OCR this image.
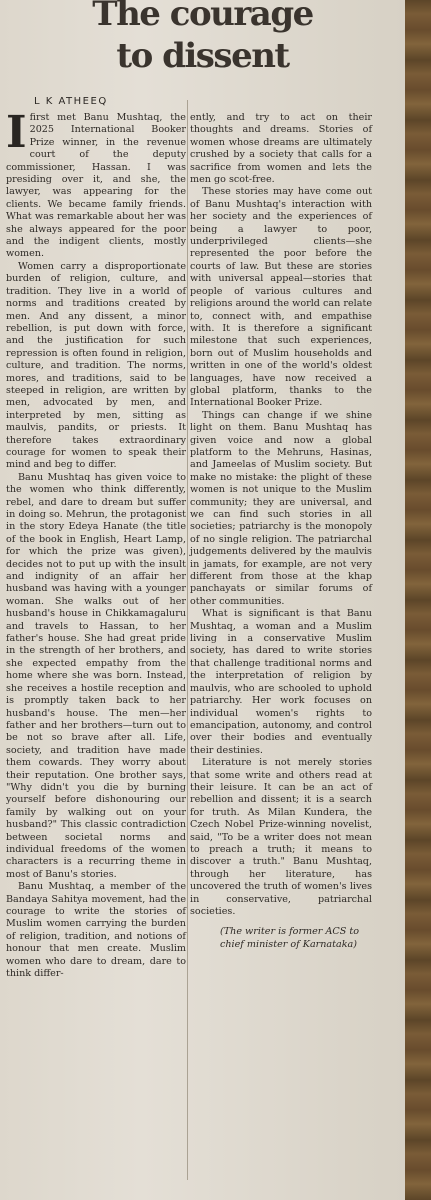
The courage
to dissent
L K ATHEEQ

Ifirst met Banu Mushtaq, the 2025 International Booker Prize winner, in the revenue court of the deputy commissioner, Hassan. I was presiding over it, and she, the lawyer, was appearing for the clients. We became family friends. What was remarkable about her was she always appeared for the poor and the indigent clients, mostly women.

Women carry a disproportionate burden of religion, culture, and tradition. They live in a world of norms and traditions created by men. And any dissent, a minor rebellion, is put down with force, and the justification for such repression is often found in religion, culture, and tradition. The norms, mores, and traditions, said to be steeped in religion, are written by men, advocated by men, and interpreted by men, sitting as maulvis, pandits, or priests. It therefore takes extraordinary courage for women to speak their mind and beg to differ.

Banu Mushtaq has given voice to the women who think differently, rebel, and dare to dream but suffer in doing so. Mehrun, the protagonist in the story Edeya Hanate (the title of the book in English, Heart Lamp, for which the prize was given), decides not to put up with the insult and indignity of an affair her husband was having with a younger woman. She walks out of her husband's house in Chikkamagaluru and travels to Hassan, to her father's house. She had great pride in the strength of her brothers, and she expected empathy from the home where she was born. Instead, she receives a hostile reception and is promptly taken back to her husband's house. The men—her father and her brothers—turn out to be not so brave after all. Life, society, and tradition have made them cowards. They worry about their reputation. One brother says, "Why didn't you die by burning yourself before dishonouring our family by walking out on your husband?" This classic contradiction between societal norms and individual freedoms of the women characters is a recurring theme in most of Banu's stories.

Banu Mushtaq, a member of the Bandaya Sahitya movement, had the courage to write the stories of Muslim women carrying the burden of religion, tradition, and notions of honour that men create. Muslim women who dare to dream, dare to think differ-

ently, and try to act on their thoughts and dreams. Stories of women whose dreams are ultimately crushed by a society that calls for a sacrifice from women and lets the men go scot-free.

These stories may have come out of Banu Mushtaq's interaction with her society and the experiences of being a lawyer to poor, underprivileged clients—she represented the poor before the courts of law. But these are stories with universal appeal—stories that people of various cultures and religions around the world can relate to, connect with, and empathise with. It is therefore a significant milestone that such experiences, born out of Muslim households and written in one of the world's oldest languages, have now received a global platform, thanks to the International Booker Prize.

Things can change if we shine light on them. Banu Mushtaq has given voice and now a global platform to the Mehruns, Hasinas, and Jameelas of Muslim society. But make no mistake: the plight of these women is not unique to the Muslim community; they are universal, and we can find such stories in all societies; patriarchy is the monopoly of no single religion. The patriarchal judgements delivered by the maulvis in jamats, for example, are not very different from those at the khap panchayats or similar forums of other communities.

What is significant is that Banu Mushtaq, a woman and a Muslim living in a conservative Muslim society, has dared to write stories that challenge traditional norms and the interpretation of religion by maulvis, who are schooled to uphold patriarchy. Her work focuses on individual women's rights to emancipation, autonomy, and control over their bodies and eventually their destinies.

Literature is not merely stories that some write and others read at their leisure. It can be an act of rebellion and dissent; it is a search for truth. As Milan Kundera, the Czech Nobel Prize-winning novelist, said, "To be a writer does not mean to preach a truth; it means to discover a truth." Banu Mushtaq, through her literature, has uncovered the truth of women's lives in conservative, patriarchal societies.

(The writer is former ACS to chief minister of Karnataka)
